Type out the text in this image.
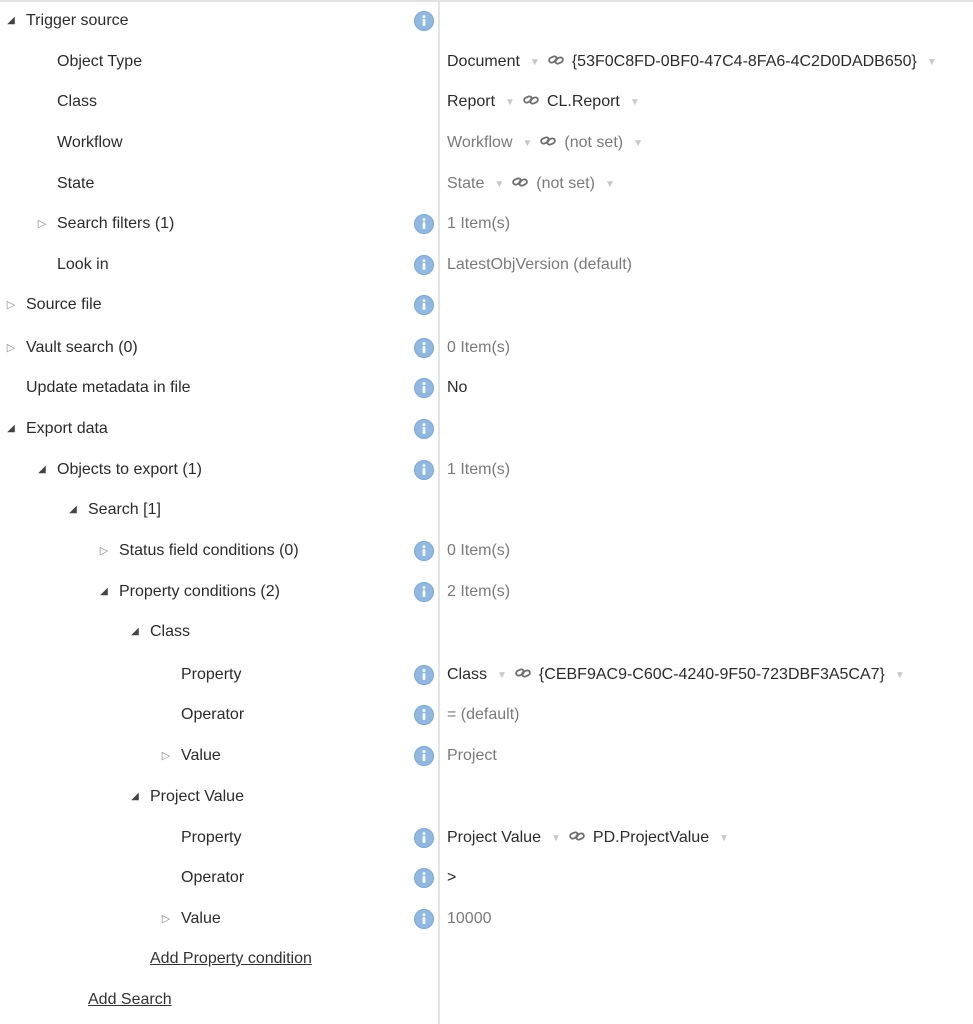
◢ Trigger source
Object Type	Document ▼ {53F0C8FD-0BF0-47C4-8FA6-4C2D0DADB650} ▼
Class	Report ▼ CL.Report ▼
Workflow	Workflow ▼ (not set) ▼
State	State ▼ (not set) ▼
▷ Search filters (1)	1 Item(s)
Look in	LatestObjVersion (default)
▷ Source file
▷ Vault search (0)	0 Item(s)
Update metadata in file	No
◢ Export data
◢ Objects to export (1)	1 Item(s)
◢ Search [1]
▷ Status field conditions (0)	0 Item(s)
◢ Property conditions (2)	2 Item(s)
◢ Class
Property	Class ▼ {CEBF9AC9-C60C-4240-9F50-723DBF3A5CA7} ▼
Operator	= (default)
▷ Value	Project
◢ Project Value
Property	Project Value ▼ PD.ProjectValue ▼
Operator	>
▷ Value	10000
Add Property condition
Add Search
